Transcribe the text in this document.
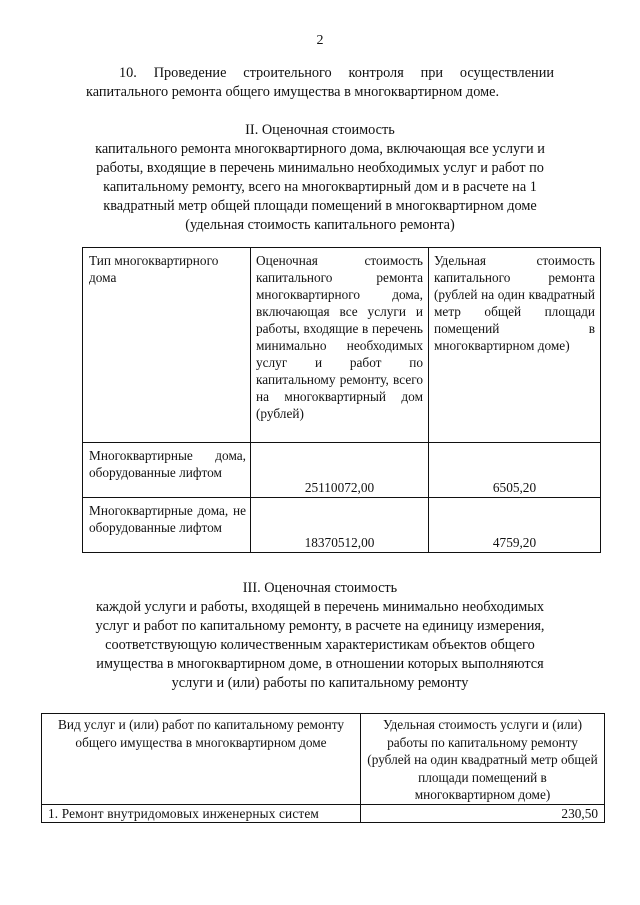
2
10. Проведение строительного контроля при осуществлении капитального ремонта общего имущества в многоквартирном доме.
II. Оценочная стоимость
капитального ремонта многоквартирного дома, включающая все услуги и
работы, входящие в перечень минимально необходимых услуг и работ по
капитальному ремонту, всего на многоквартирный дом и в расчете на 1
квадратный метр общей площади помещений в многоквартирном доме
(удельная стоимость капитального ремонта)
Тип многоквартирного дома	Оценочная стоимость капитального ремонта многоквартирного дома, включающая все услуги и работы, входящие в перечень минимально необходимых услуг и работ по капитальному ремонту, всего на многоквартирный дом (рублей)	Удельная стоимость капитального ремонта (рублей на один квадратный метр общей площади помещений в многоквартирном доме)

Многоквартирные дома, оборудованные лифтом	25110072,00	6505,20

Многоквартирные дома, не оборудованные лифтом	18370512,00	4759,20
III. Оценочная стоимость
каждой услуги и работы, входящей в перечень минимально необходимых
услуг и работ по капитальному ремонту, в расчете на единицу измерения,
соответствующую количественным характеристикам объектов общего
имущества в многоквартирном доме, в отношении которых выполняются
услуги и (или) работы по капитальному ремонту
Вид услуг и (или) работ по капитальному ремонту общего имущества в многоквартирном доме	Удельная стоимость услуги и (или) работы по капитальному ремонту (рублей на один квадратный метр общей площади помещений в многоквартирном доме)
1. Ремонт внутридомовых инженерных систем	230,50
